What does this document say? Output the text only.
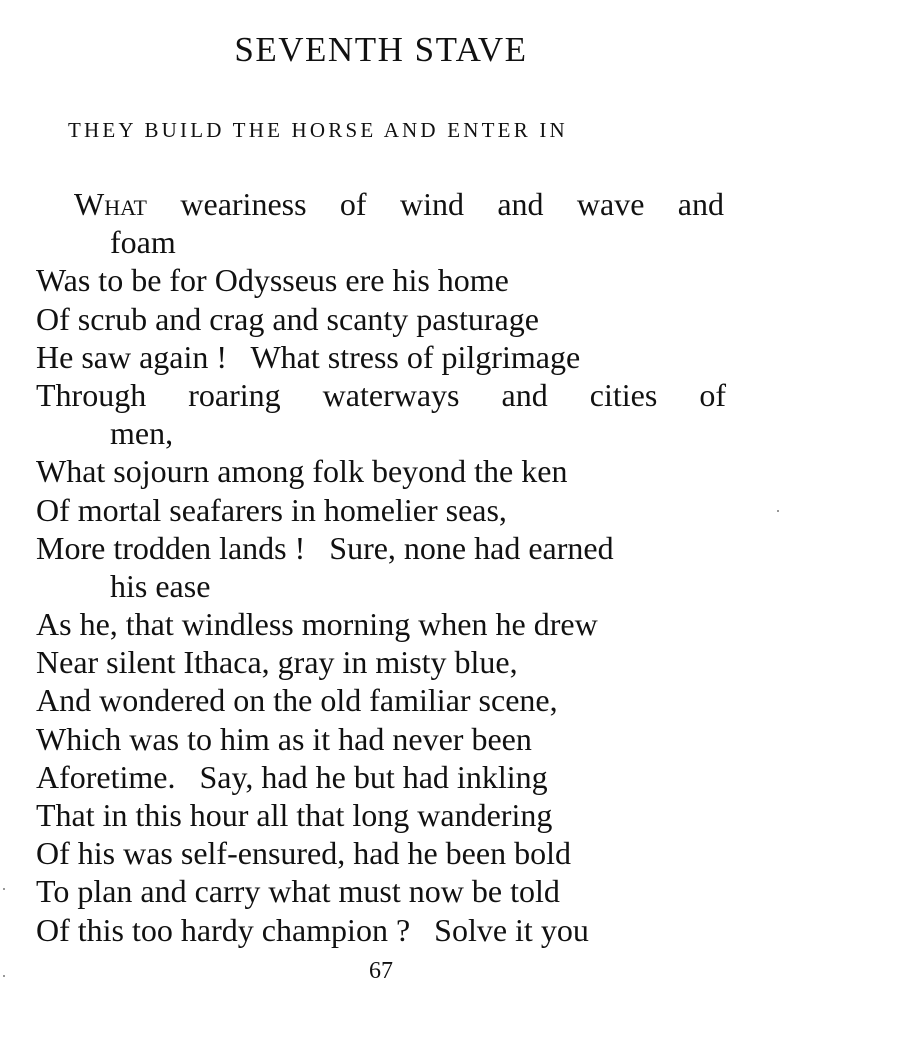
SEVENTH STAVE
THEY BUILD THE HORSE AND ENTER IN
What weariness of wind and wave and
foam
Was to be for Odysseus ere his home
Of scrub and crag and scanty pasturage
He saw again !   What stress of pilgrimage
Through roaring waterways and cities of
men,
What sojourn among folk beyond the ken
Of mortal seafarers in homelier seas,
More trodden lands !   Sure, none had earned
his ease
As he, that windless morning when he drew
Near silent Ithaca, gray in misty blue,
And wondered on the old familiar scene,
Which was to him as it had never been
Aforetime.   Say, had he but had inkling
That in this hour all that long wandering
Of his was self-ensured, had he been bold
To plan and carry what must now be told
Of this too hardy champion ?   Solve it you
67
